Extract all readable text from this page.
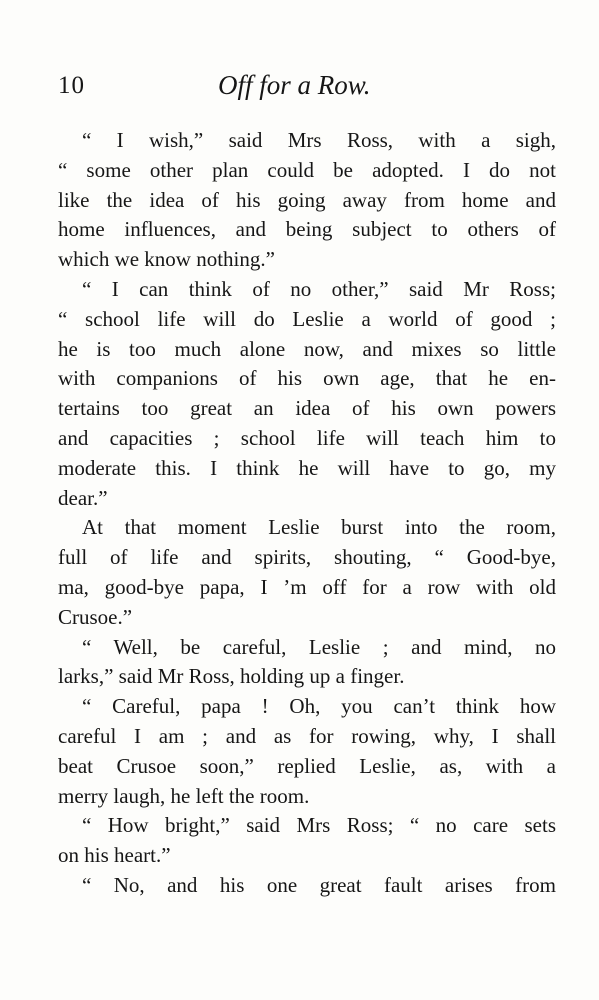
10	Off for a Row.
“ I wish,” said Mrs Ross, with a sigh,
“ some other plan could be adopted. I do not
like the idea of his going away from home and
home influences, and being subject to others of
which we know nothing.”
“ I can think of no other,” said Mr Ross;
“ school life will do Leslie a world of good ;
he is too much alone now, and mixes so little
with companions of his own age, that he en-
tertains too great an idea of his own powers
and capacities ; school life will teach him to
moderate this. I think he will have to go, my
dear.”
At that moment Leslie burst into the room,
full of life and spirits, shouting, “ Good-bye,
ma, good-bye papa, I ’m off for a row with old
Crusoe.”
“ Well, be careful, Leslie ; and mind, no
larks,” said Mr Ross, holding up a finger.
“ Careful, papa ! Oh, you can’t think how
careful I am ; and as for rowing, why, I shall
beat Crusoe soon,” replied Leslie, as, with a
merry laugh, he left the room.
“ How bright,” said Mrs Ross; “ no care sets
on his heart.”
“ No, and his one great fault arises from
